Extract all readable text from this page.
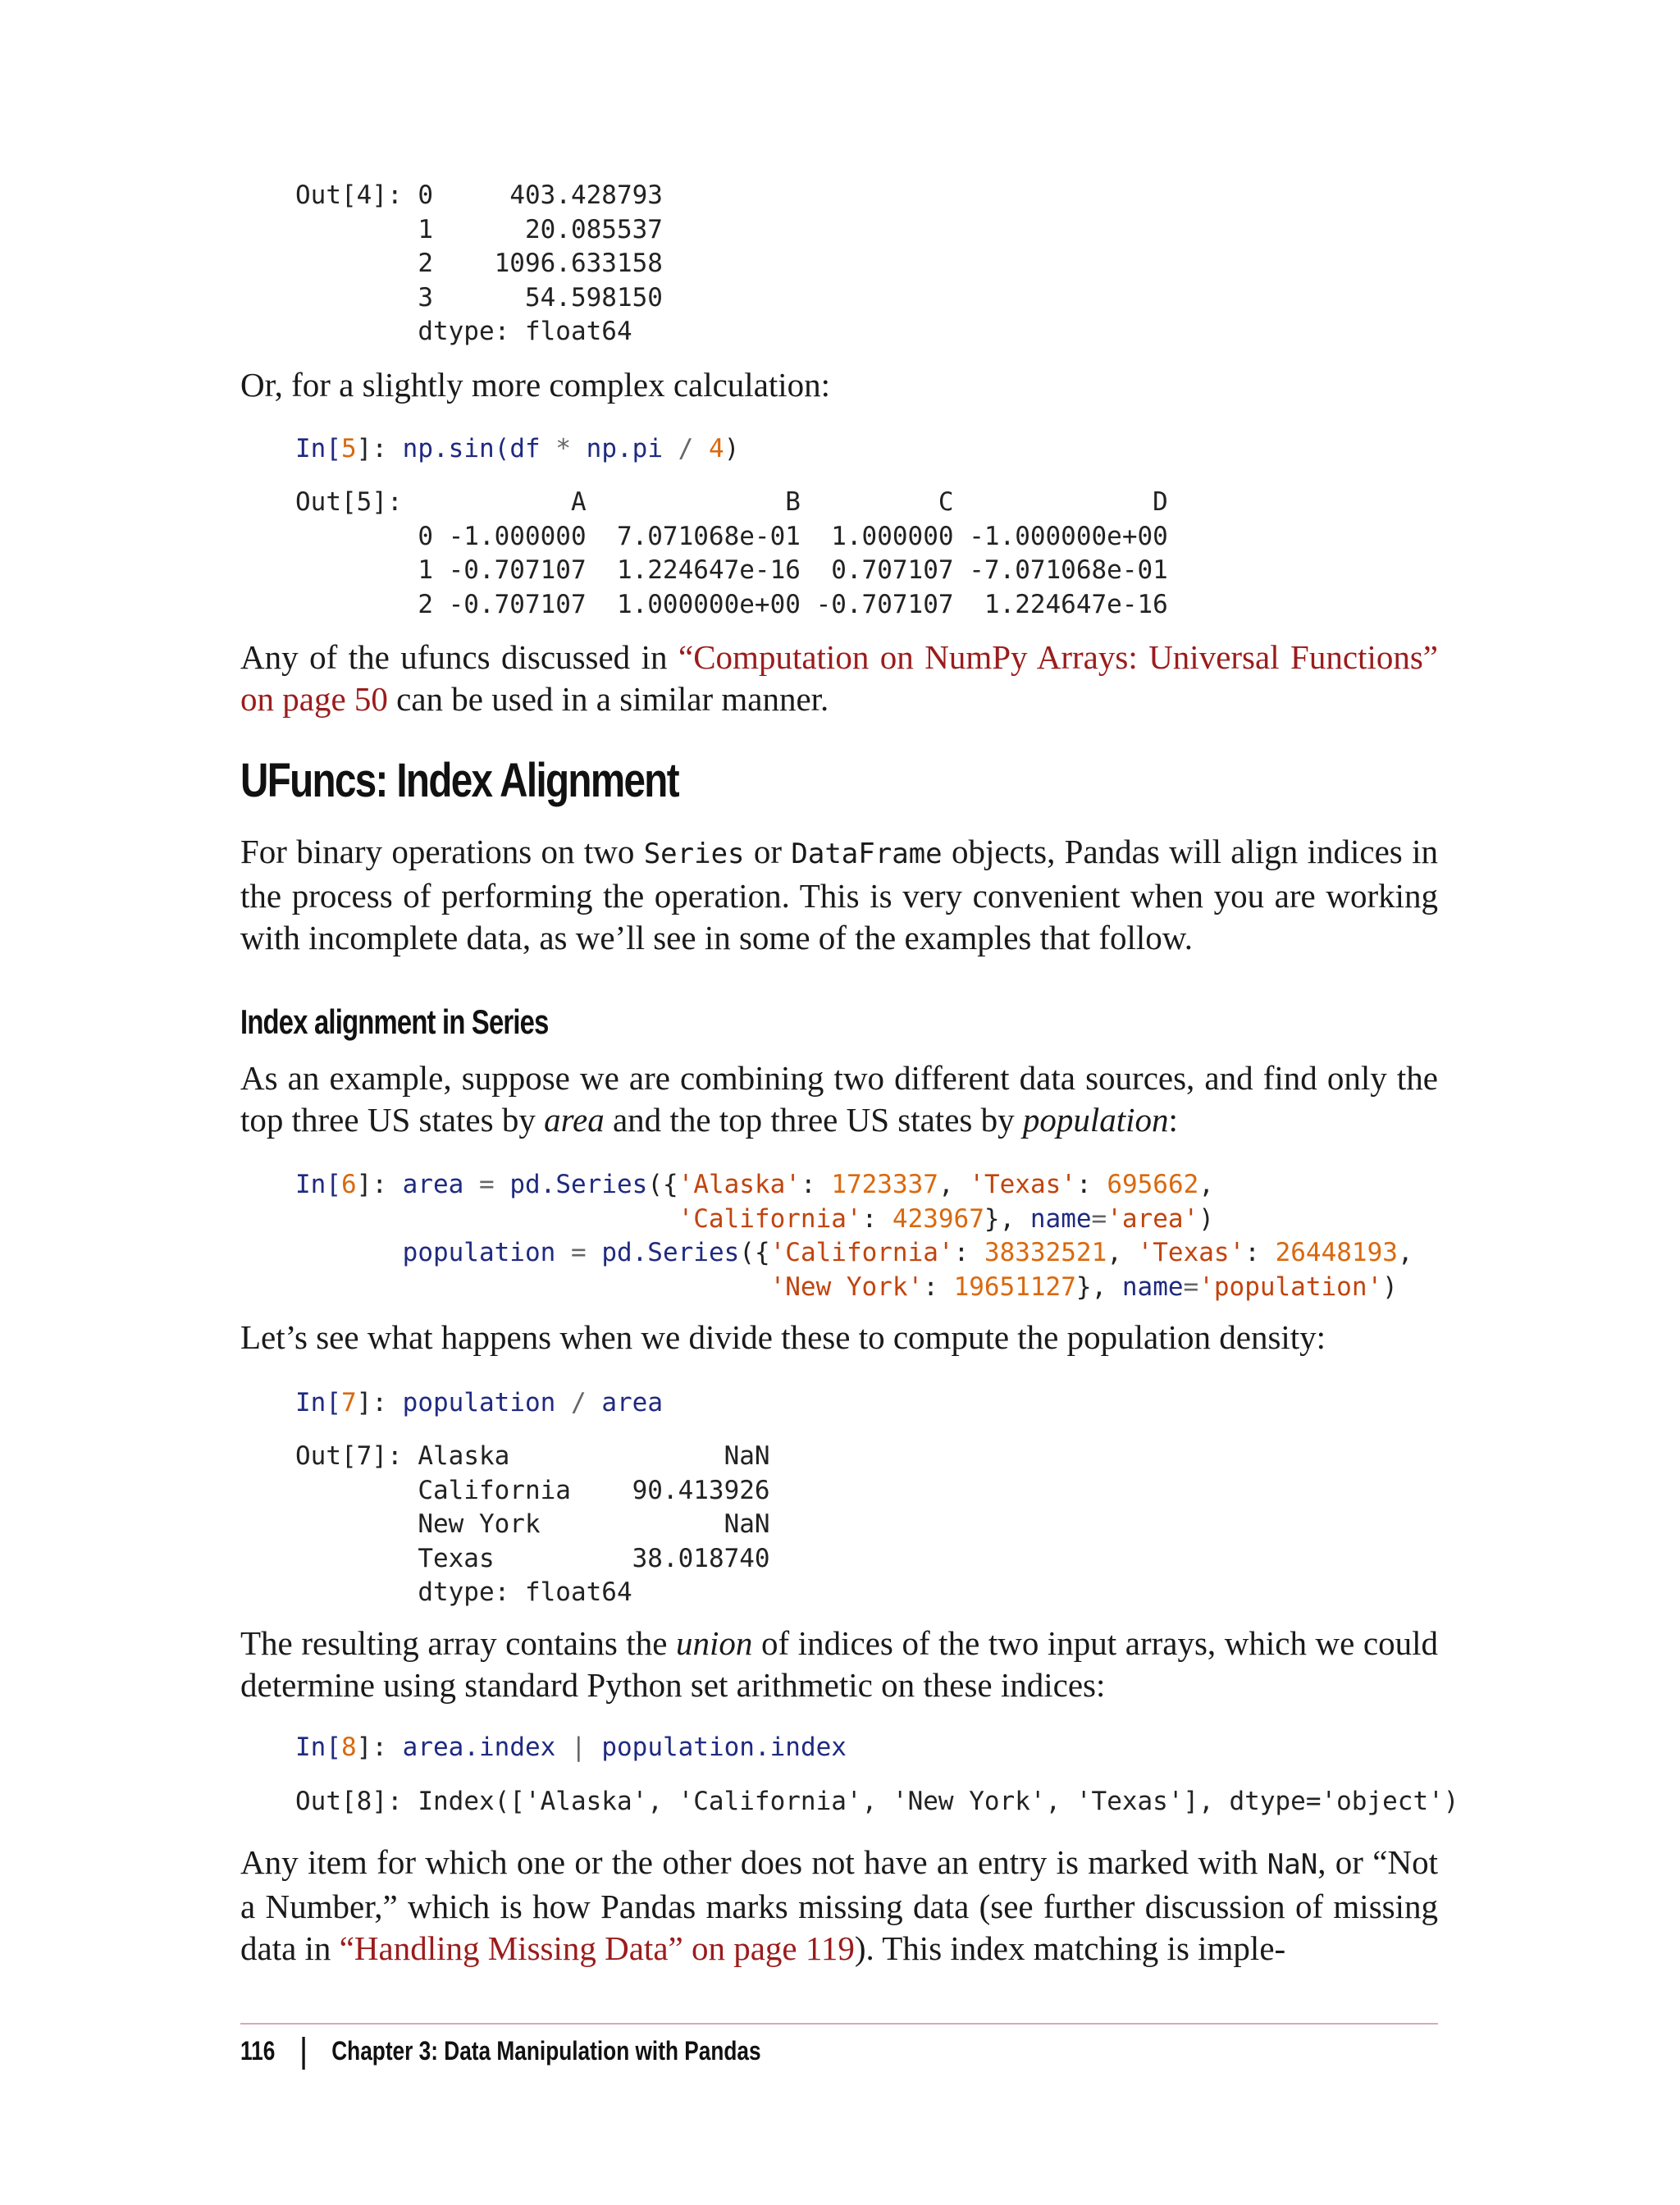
Out[4]: 0	403.428793
1	20.085537
2 1096.633158
3	54.598150
dtype: float64

Or, for a slightly more complex calculation:

In[5]: np.sin(df * np.pi / 4)
Out[5]:           A             B         C             D
0 -1.000000  7.071068e-01  1.000000 -1.000000e+00
1 -0.707107  1.224647e-16  0.707107 -7.071068e-01
2 -0.707107  1.000000e+00 -0.707107  1.224647e-16

Any of the ufuncs discussed in “Computation on NumPy Arrays: Universal Functions” on page 50 can be used in a similar manner.

UFuncs: Index Alignment

For binary operations on two Series or DataFrame objects, Pandas will align indices in the process of performing the operation. This is very convenient when you are working with incomplete data, as we’ll see in some of the examples that follow.

Index alignment in Series

As an example, suppose we are combining two different data sources, and find only the top three US states by area and the top three US states by population:

In[6]: area = pd.Series({'Alaska': 1723337, 'Texas': 695662,
'California': 423967}, name='area')
population = pd.Series({'California': 38332521, 'Texas': 26448193,
'New York': 19651127}, name='population')

Let’s see what happens when we divide these to compute the population density:

In[7]: population / area
Out[7]: Alaska	NaN
California 90.413926
New York	NaN
Texas	38.018740
dtype: float64

The resulting array contains the union of indices of the two input arrays, which we could determine using standard Python set arithmetic on these indices:

In[8]: area.index | population.index
Out[8]: Index(['Alaska', 'California', 'New York', 'Texas'], dtype='object')

Any item for which one or the other does not have an entry is marked with NaN, or “Not a Number,” which is how Pandas marks missing data (see further discussion of missing data in “Handling Missing Data” on page 119). This index matching is imple-

116 Chapter 3: Data Manipulation with Pandas
